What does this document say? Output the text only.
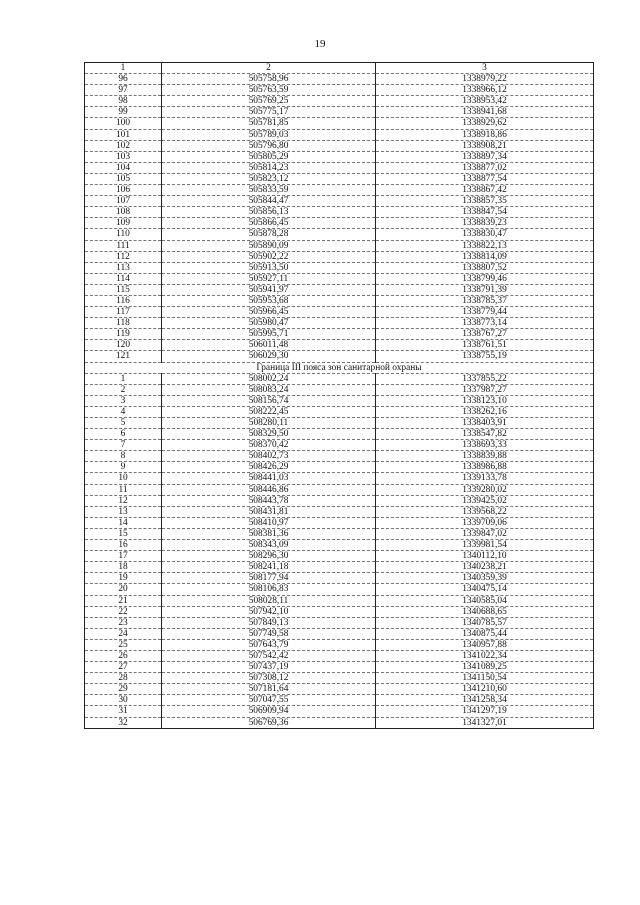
19
1	2	3
96	505758,96	1338979,22
97	505763,59	1338966,12
98	505769,25	1338953,42
99	505775,17	1338941,68
100	505781,85	1338929,62
101	505789,03	1338918,86
102	505796,80	1338908,21
103	505805,29	1338897,34
104	505814,23	1338877,02
105	505823,12	1338877,54
106	505833,59	1338867,42
107	505844,47	1338857,35
108	505856,13	1338847,54
109	505866,45	1338839,23
110	505878,28	1338830,47
111	505890,09	1338822,13
112	505902,22	1338814,09
113	505913,50	1338807,52
114	505927,11	1338799,46
115	505941,97	1338791,39
116	505953,68	1338785,37
117	505966,45	1338779,44
118	505980,47	1338773,14
119	505995,71	1338767,27
120	506011,48	1338761,51
121	506029,30	1338755,19
Граница III пояса зон санитарной охраны		
1	508002,24	1337855,22
2	508083,24	1337987,27
3	508156,74	1338123,10
4	508222,45	1338262,16
5	508280,11	1338403,91
6	508329,50	1338547,82
7	508370,42	1338693,33
8	508402,73	1338839,88
9	508426,29	1338986,88
10	508441,03	1339133,78
11	508446,86	1339280,02
12	508443,78	1339425,02
13	508431,81	1339568,22
14	508410,97	1339709,06
15	508381,36	1339847,02
16	508343,09	1339981,54
17	508296,30	1340112,10
18	508241,18	1340238,21
19	508177,94	1340359,39
20	508106,83	1340475,14
21	508028,11	1340585,04
22	507942,10	1340688,65
23	507849,13	1340785,57
24	507749,58	1340875,44
25	507643,79	1340957,88
26	507542,42	1341022,34
27	507437,19	1341089,25
28	507308,12	1341150,54
29	507181,64	1341210,60
30	507047,55	1341258,34
31	506909,94	1341297,19
32	506769,36	1341327,01
